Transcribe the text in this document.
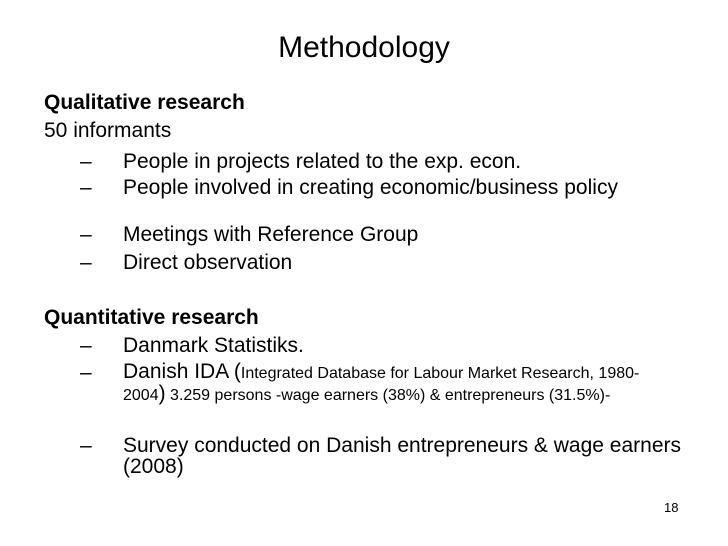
Methodology
Qualitative research
50 informants
–	People in projects related to the exp. econ.
–	People involved in creating economic/business policy
–	Meetings with Reference Group
–	Direct observation
Quantitative research
–	Danmark Statistiks.
–	Danish IDA (Integrated Database for Labour Market Research, 1980-2004) 3.259 persons -wage earners (38%) & entrepreneurs (31.5%)-
–	Survey conducted on Danish entrepreneurs & wage earners (2008)
18
